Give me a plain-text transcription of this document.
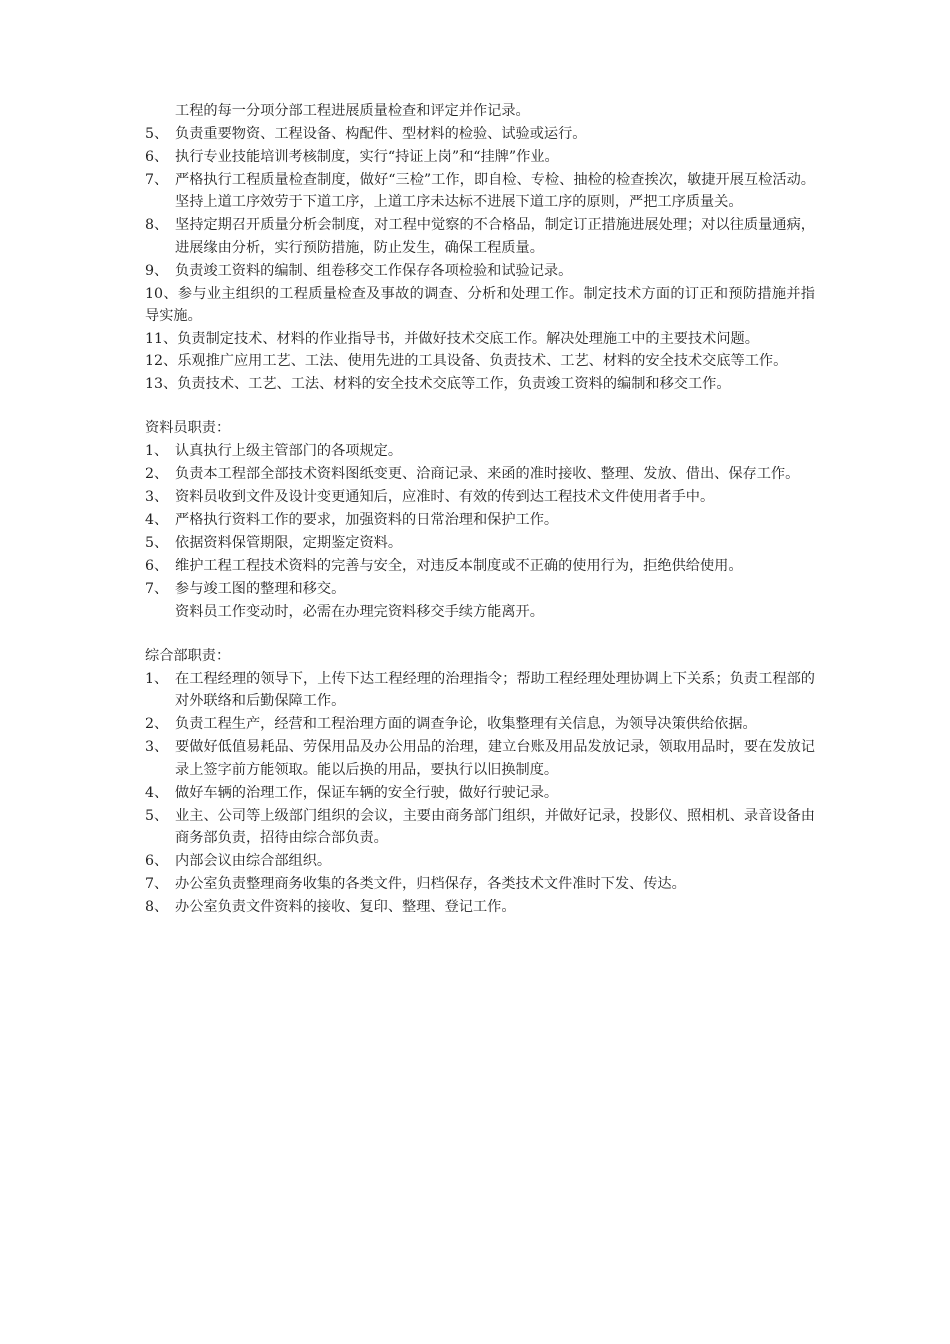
工程的每一分项分部工程进展质量检查和评定并作记录。
5、 负责重要物资、工程设备、构配件、型材料的检验、试验或运行。
6、 执行专业技能培训考核制度，实行“持证上岗”和“挂牌”作业。
7、 严格执行工程质量检查制度，做好“三检”工作，即自检、专检、抽检的检查挨次，敏捷开展互检活动。坚持上道工序效劳于下道工序，上道工序未达标不进展下道工序的原则，严把工序质量关。
8、 坚持定期召开质量分析会制度，对工程中觉察的不合格品，制定订正措施进展处理；对以往质量通病，进展缘由分析，实行预防措施，防止发生，确保工程质量。
9、 负责竣工资料的编制、组卷移交工作保存各项检验和试验记录。
10、参与业主组织的工程质量检查及事故的调查、分析和处理工作。制定技术方面的订正和预防措施并指导实施。
11、负责制定技术、材料的作业指导书，并做好技术交底工作。解决处理施工中的主要技术问题。
12、乐观推广应用工艺、工法、使用先进的工具设备、负责技术、工艺、材料的安全技术交底等工作。
13、负责技术、工艺、工法、材料的安全技术交底等工作，负责竣工资料的编制和移交工作。
资料员职责：
1、 认真执行上级主管部门的各项规定。
2、 负责本工程部全部技术资料图纸变更、洽商记录、来函的准时接收、整理、发放、借出、保存工作。
3、 资料员收到文件及设计变更通知后，应准时、有效的传到达工程技术文件使用者手中。
4、 严格执行资料工作的要求，加强资料的日常治理和保护工作。
5、 依据资料保管期限，定期鉴定资料。
6、 维护工程工程技术资料的完善与安全，对违反本制度或不正确的使用行为，拒绝供给使用。
7、 参与竣工图的整理和移交。
资料员工作变动时，必需在办理完资料移交手续方能离开。
综合部职责：
1、 在工程经理的领导下，上传下达工程经理的治理指令；帮助工程经理处理协调上下关系；负责工程部的对外联络和后勤保障工作。
2、 负责工程生产，经营和工程治理方面的调查争论，收集整理有关信息，为领导决策供给依据。
3、 要做好低值易耗品、劳保用品及办公用品的治理，建立台账及用品发放记录，领取用品时，要在发放记录上签字前方能领取。能以后换的用品，要执行以旧换制度。
4、 做好车辆的治理工作，保证车辆的安全行驶，做好行驶记录。
5、 业主、公司等上级部门组织的会议，主要由商务部门组织，并做好记录，投影仪、照相机、录音设备由商务部负责，招待由综合部负责。
6、 内部会议由综合部组织。
7、 办公室负责整理商务收集的各类文件，归档保存，各类技术文件准时下发、传达。
8、 办公室负责文件资料的接收、复印、整理、登记工作。
